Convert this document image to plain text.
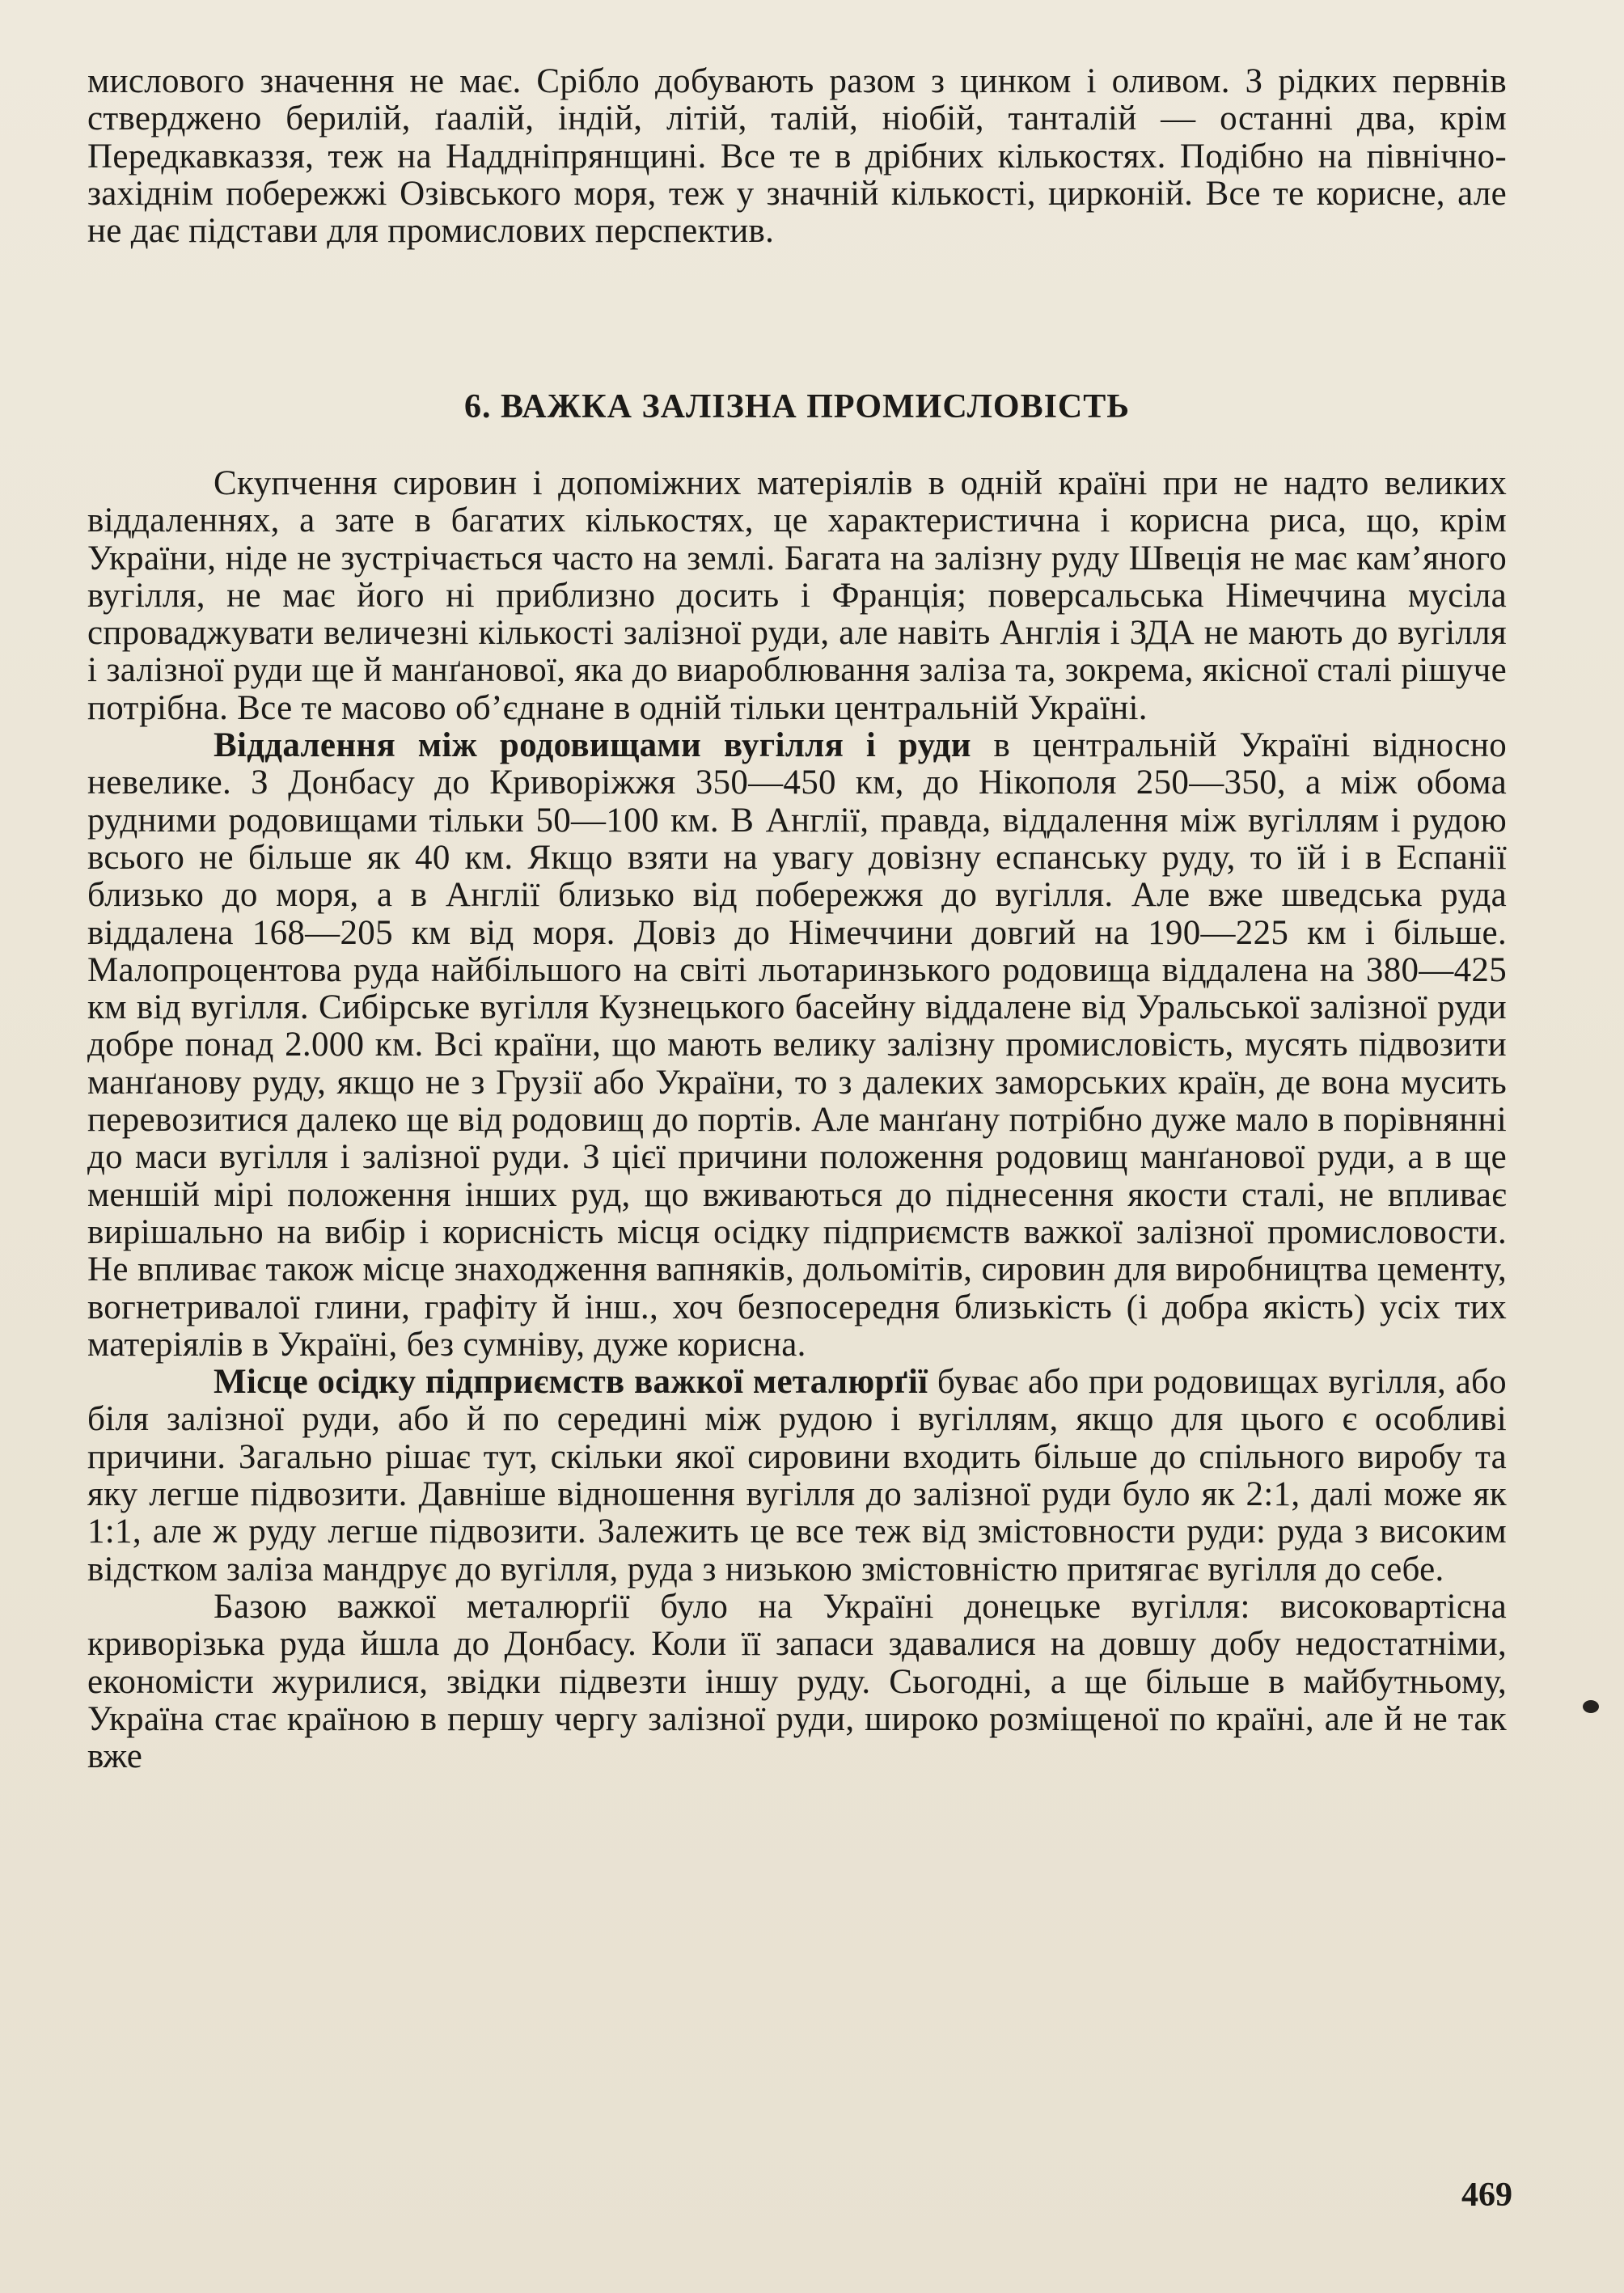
мислового значення не має. Срібло добувають разом з цинком і оливом. З рідких первнів стверджено берилій, ґаалій, індій, літій, талій, ніобій, танталій — останні два, крім Передкавказзя, теж на Наддніпрянщині. Все те в дрібних кількостях. Подібно на північно-західнім побережжі Озівського моря, теж у значній кількості, цирконій. Все те корисне, але не дає підстави для промислових перспектив.

6. ВАЖКА ЗАЛІЗНА ПРОМИСЛОВІСТЬ

Скупчення сировин і допоміжних матеріялів в одній країні при не надто великих віддаленнях, а зате в багатих кількостях, це характеристична і корисна риса, що, крім України, ніде не зустрічається часто на землі. Багата на залізну руду Швеція не має кам’яного вугілля, не має його ні приблизно досить і Франція; поверсальська Німеччина мусіла спроваджувати величезні кількості залізної руди, але навіть Англія і ЗДА не мають до вугілля і залізної руди ще й манґанової, яка до виароблювання заліза та, зокрема, якісної сталі рішуче потрібна. Все те масово об’єднане в одній тільки центральній Україні.

Віддалення між родовищами вугілля і руди в центральній Україні відносно невелике. З Донбасу до Криворіжжя 350—450 км, до Нікополя 250—350, а між обома рудними родовищами тільки 50—100 км. В Англії, правда, віддалення між вугіллям і рудою всього не більше як 40 км. Якщо взяти на увагу довізну еспанську руду, то їй і в Еспанії близько до моря, а в Англії близько від побережжя до вугілля. Але вже шведська руда віддалена 168—205 км від моря. Довіз до Німеччини довгий на 190—225 км і більше. Малопроцентова руда найбільшого на світі льотаринзького родовища віддалена на 380—425 км від вугілля. Сибірське вугілля Кузнецького басейну віддалене від Уральської залізної руди добре понад 2.000 км. Всі країни, що мають велику залізну промисловість, мусять підвозити манґанову руду, якщо не з Грузії або України, то з далеких заморських країн, де вона мусить перевозитися далеко ще від родовищ до портів. Але манґану потрібно дуже мало в порівнянні до маси вугілля і залізної руди. З цієї причини положення родовищ манґанової руди, а в ще меншій мірі положення інших руд, що вживаються до піднесення якости сталі, не впливає вирішально на вибір і корисність місця осідку підприємств важкої залізної промисловости. Не впливає також місце знаходження вапняків, дольомітів, сировин для виробництва цементу, вогнетривалої глини, графіту й інш., хоч безпосередня близькість (і добра якість) усіх тих матеріялів в Україні, без сумніву, дуже корисна.

Місце осідку підприємств важкої металюрґії буває або при родовищах вугілля, або біля залізної руди, або й по середині між рудою і вугіллям, якщо для цього є особливі причини. Загально рішає тут, скільки якої сировини входить більше до спільного виробу та яку легше підвозити. Давніше відношення вугілля до залізної руди було як 2:1, далі може як 1:1, але ж руду легше підвозити. Залежить це все теж від змістовности руди: руда з високим відстком заліза мандрує до вугілля, руда з низькою змістовністю притягає вугілля до себе.

Базою важкої металюрґії було на Україні донецьке вугілля: високовартісна криворізька руда йшла до Донбасу. Коли її запаси здавалися на довшу добу недостатніми, економісти журилися, звідки підвезти іншу руду. Сьогодні, а ще більше в майбутньому, Україна стає країною в першу чергу залізної руди, широко розміщеної по країні, але й не так вже

469
